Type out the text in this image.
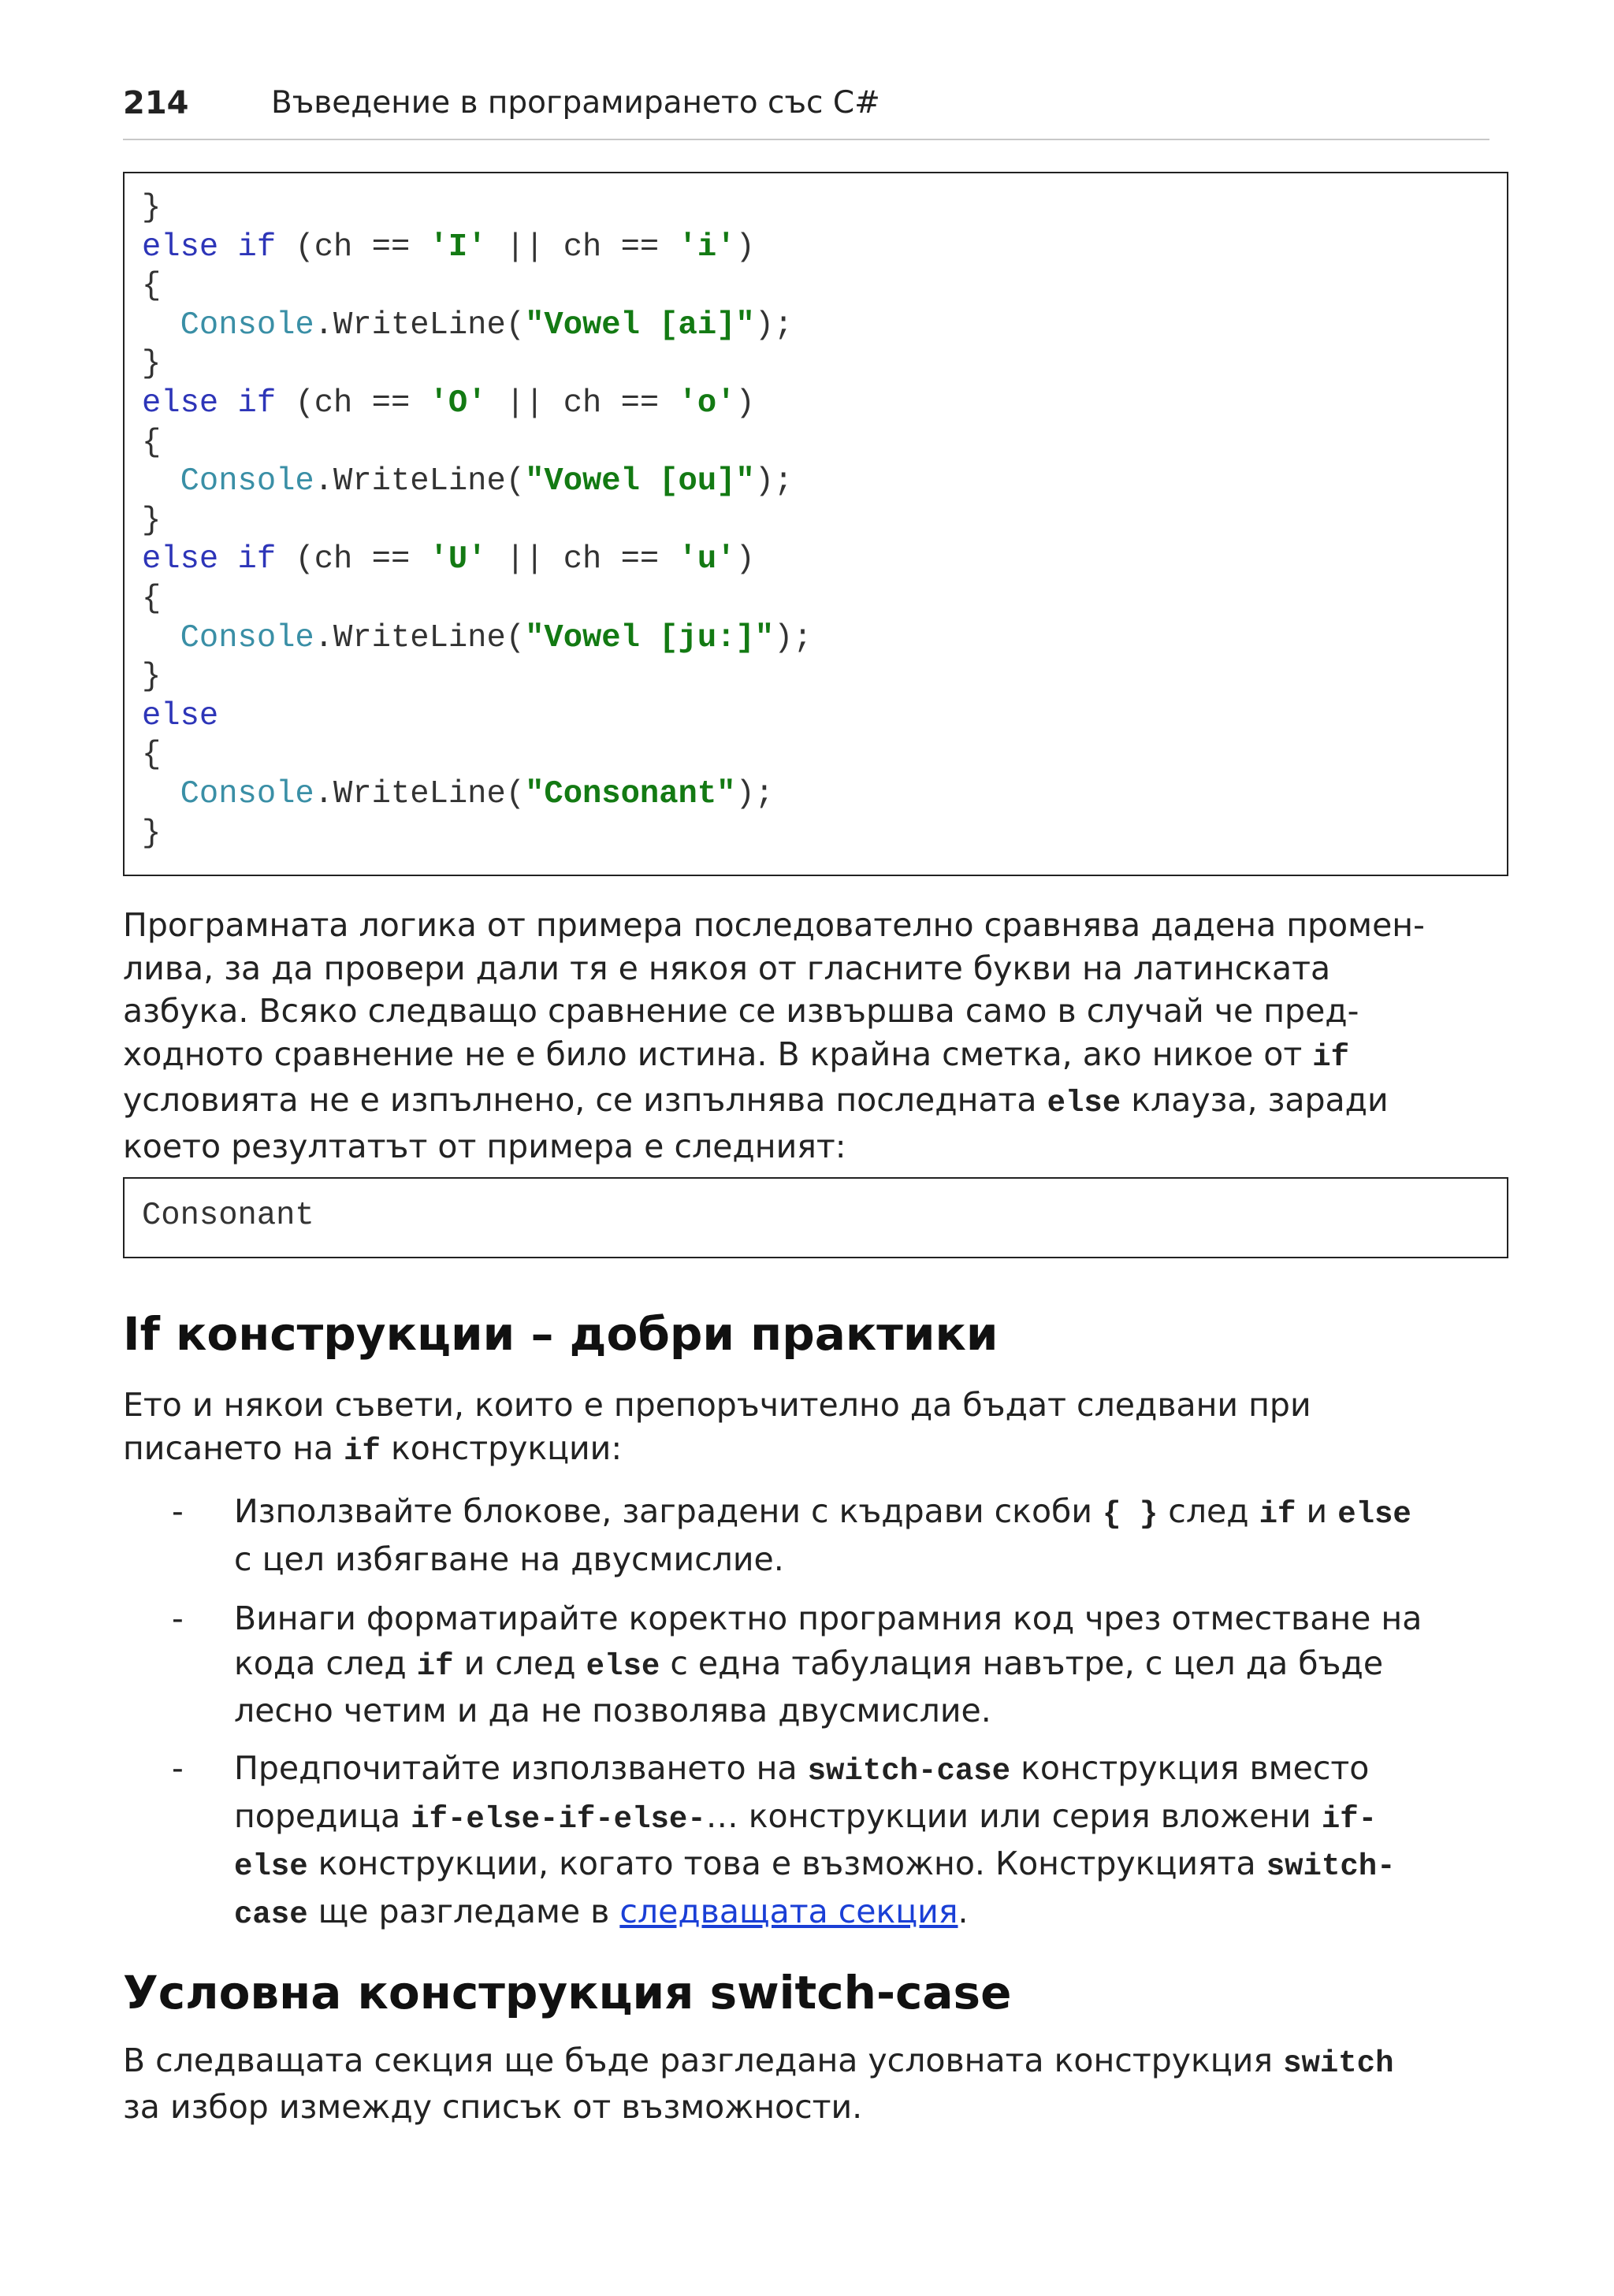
214	Въведение в програмирането със C#
}
else if (ch == 'I' || ch == 'i')
{
Console.WriteLine("Vowel [ai]");
}
else if (ch == 'O' || ch == 'o')
{
Console.WriteLine("Vowel [ou]");
}
else if (ch == 'U' || ch == 'u')
{
Console.WriteLine("Vowel [ju:]");
}
else
{
Console.WriteLine("Consonant");
}
Програмната логика от примера последователно сравнява дадена промен-
лива, за да провери дали тя е някоя от гласните букви на латинската
азбука. Всяко следващо сравнение се извършва само в случай че пред-
ходното сравнение не е било истина. В крайна сметка, ако никое от if
условията не е изпълнено, се изпълнява последната else клауза, заради
което резултатът от примера е следният:
Consonant
If конструкции – добри практики
Ето и някои съвети, които е препоръчително да бъдат следвани при
писането на if конструкции:
- Използвайте блокове, заградени с къдрави скоби { } след if и else
с цел избягване на двусмислие.
- Винаги форматирайте коректно програмния код чрез отместване на
кода след if и след else с една табулация навътре, с цел да бъде
лесно четим и да не позволява двусмислие.
- Предпочитайте използването на switch-case конструкция вместо
поредица if-else-if-else-… конструкции или серия вложени if-
else конструкции, когато това е възможно. Конструкцията switch-
case ще разгледаме в следващата секция.
Условна конструкция switch-case
В следващата секция ще бъде разгледана условната конструкция switch
за избор измежду списък от възможности.
